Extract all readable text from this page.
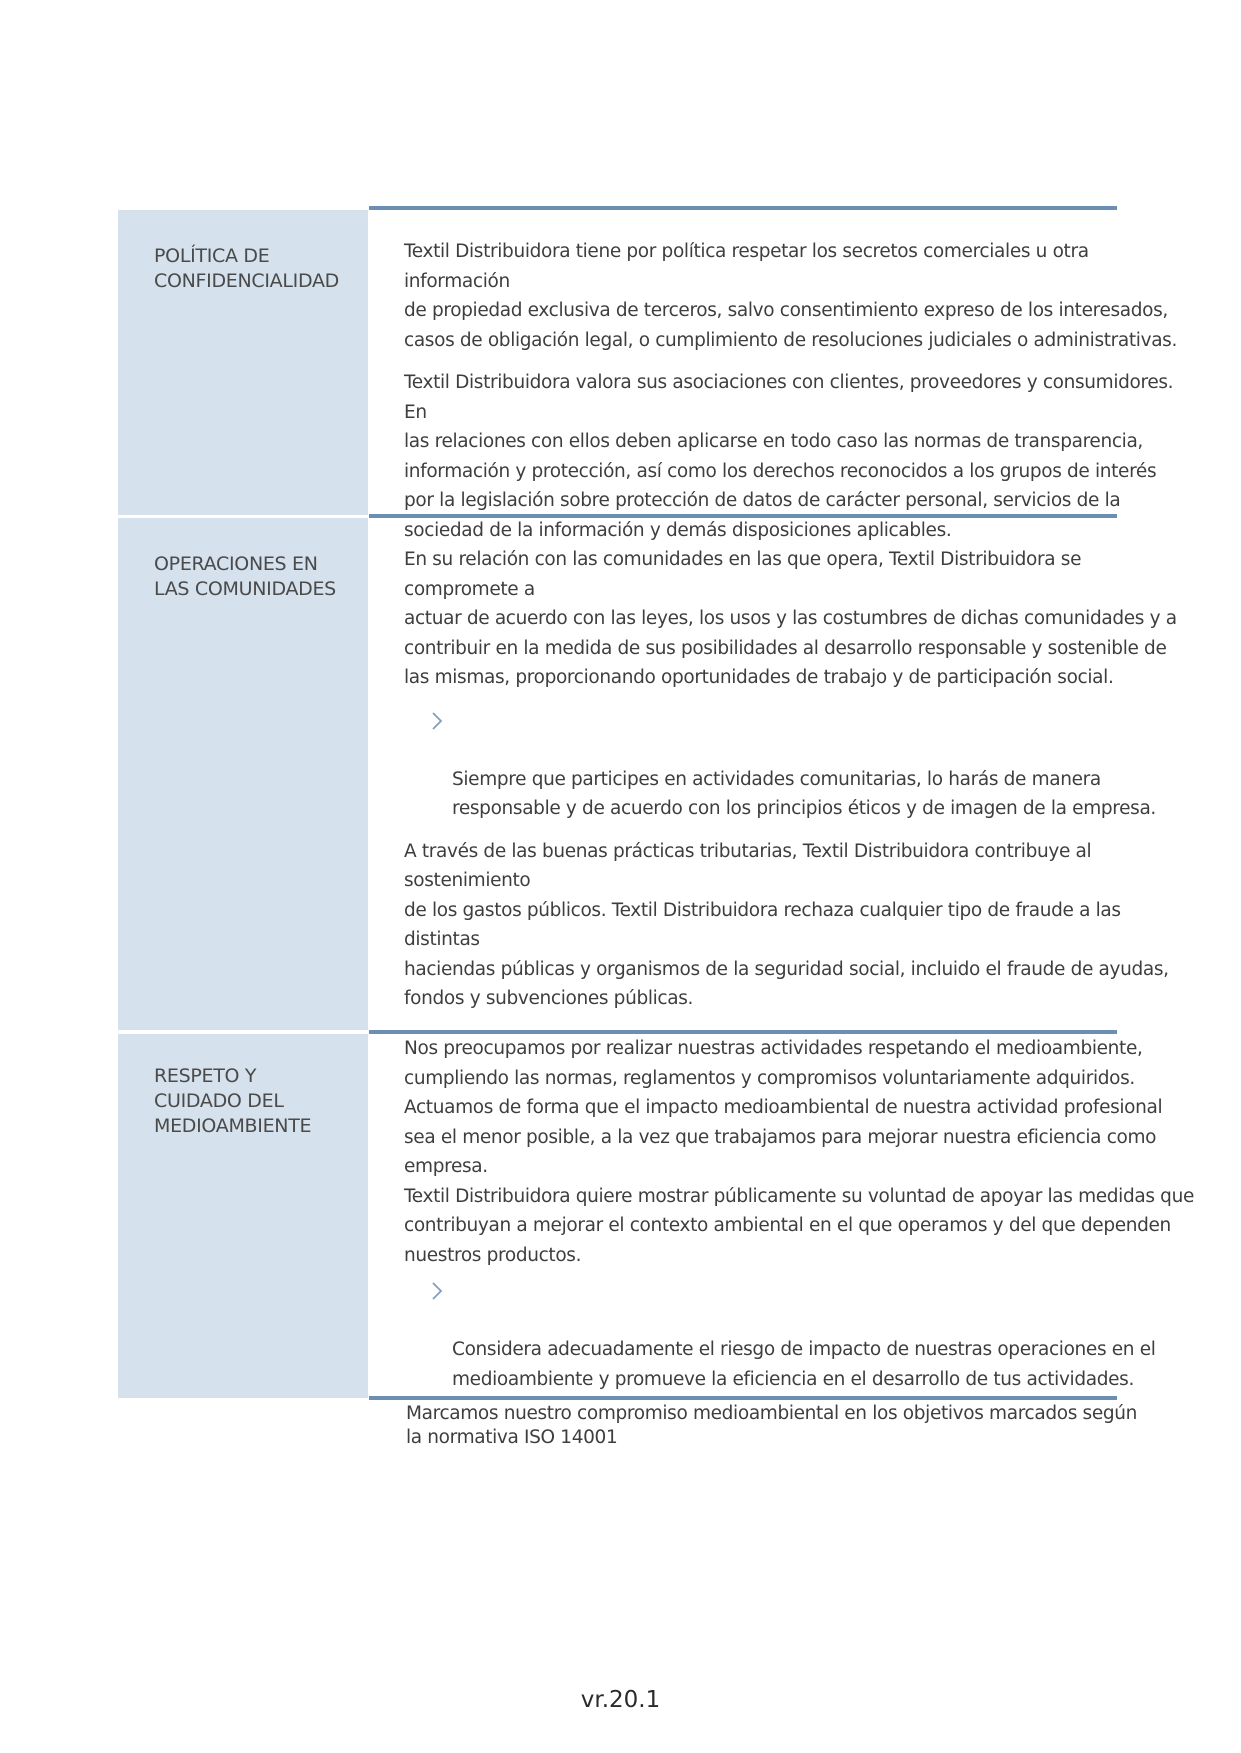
POLÍTICA DE
CONFIDENCIALIDAD

Textil Distribuidora tiene por política respetar los secretos comerciales u otra información
de propiedad exclusiva de terceros, salvo consentimiento expreso de los interesados,
casos de obligación legal, o cumplimiento de resoluciones judiciales o administrativas.

Textil Distribuidora valora sus asociaciones con clientes, proveedores y consumidores. En
las relaciones con ellos deben aplicarse en todo caso las normas de transparencia,
información y protección, así como los derechos reconocidos a los grupos de interés
por la legislación sobre protección de datos de carácter personal, servicios de la
sociedad de la información y demás disposiciones aplicables.

OPERACIONES EN
LAS COMUNIDADES

En su relación con las comunidades en las que opera, Textil Distribuidora se compromete a
actuar de acuerdo con las leyes, los usos y las costumbres de dichas comunidades y a
contribuir en la medida de sus posibilidades al desarrollo responsable y sostenible de
las mismas, proporcionando oportunidades de trabajo y de participación social.

Siempre que participes en actividades comunitarias, lo harás de manera
responsable y de acuerdo con los principios éticos y de imagen de la empresa.

A través de las buenas prácticas tributarias, Textil Distribuidora contribuye al sostenimiento
de los gastos públicos. Textil Distribuidora rechaza cualquier tipo de fraude a las distintas
haciendas públicas y organismos de la seguridad social, incluido el fraude de ayudas,
fondos y subvenciones públicas.

RESPETO Y
CUIDADO DEL
MEDIOAMBIENTE

Nos preocupamos por realizar nuestras actividades respetando el medioambiente,
cumpliendo las normas, reglamentos y compromisos voluntariamente adquiridos.
Actuamos de forma que el impacto medioambiental de nuestra actividad profesional
sea el menor posible, a la vez que trabajamos para mejorar nuestra eficiencia como
empresa.

Textil Distribuidora quiere mostrar públicamente su voluntad de apoyar las medidas que
contribuyan a mejorar el contexto ambiental en el que operamos y del que dependen
nuestros productos.

Considera adecuadamente el riesgo de impacto de nuestras operaciones en el
medioambiente y promueve la eficiencia en el desarrollo de tus actividades.

Marcamos nuestro compromiso medioambiental en los objetivos marcados según
la normativa ISO 14001

vr.20.1
